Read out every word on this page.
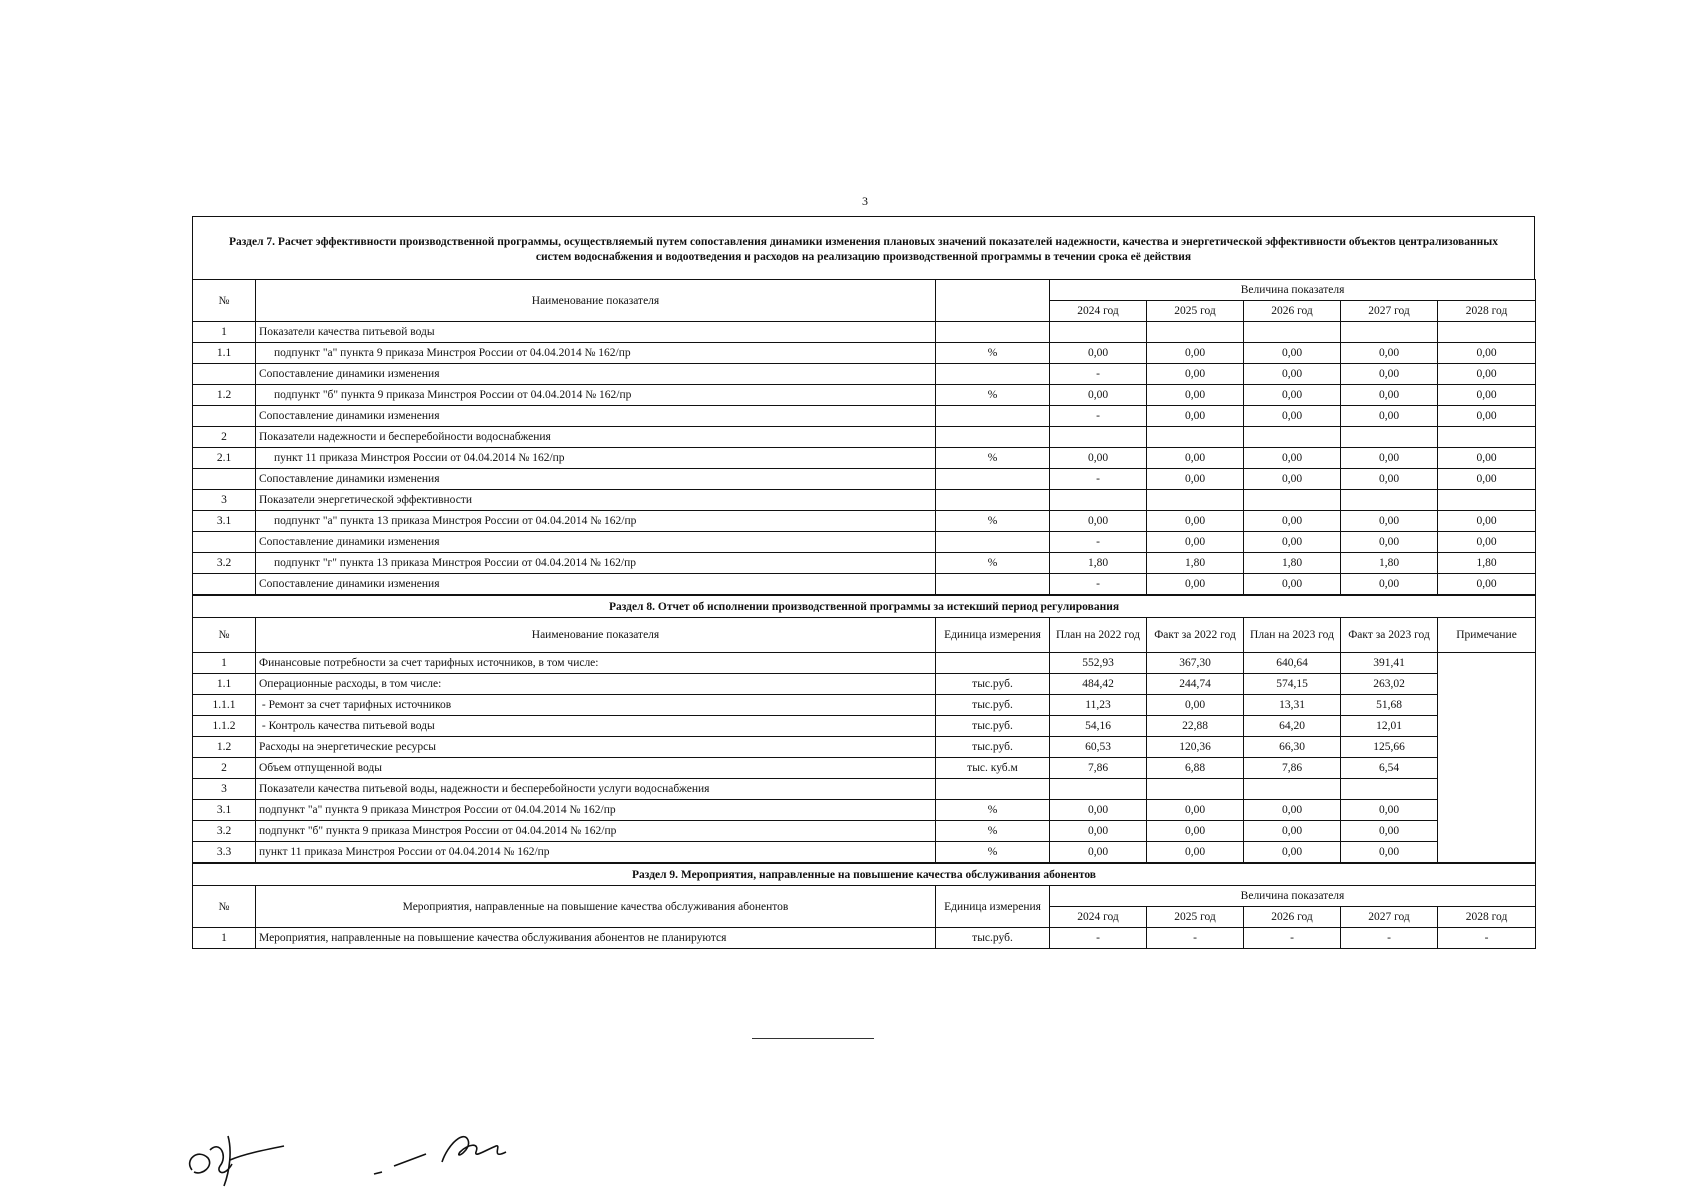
3
Раздел 7. Расчет эффективности производственной программы, осуществляемый путем сопоставления динамики изменения плановых значений показателей надежности, качества и энергетической эффективности объектов централизованных систем водоснабжения и водоотведения и расходов на реализацию производственной программы в течении срока её действия
№	Наименование показателя		Величина показателя				
			2024 год	2025 год	2026 год	2027 год	2028 год
1	Показатели качества питьевой воды						
1.1	подпункт "а" пункта 9 приказа Минстроя России от 04.04.2014 № 162/пр	%	0,00	0,00	0,00	0,00	0,00
	Сопоставление динамики изменения		-	0,00	0,00	0,00	0,00
1.2	подпункт "б" пункта 9 приказа Минстроя России от 04.04.2014 № 162/пр	%	0,00	0,00	0,00	0,00	0,00
	Сопоставление динамики изменения		-	0,00	0,00	0,00	0,00
2	Показатели надежности и бесперебойности водоснабжения						
2.1	пункт 11 приказа Минстроя России от 04.04.2014 № 162/пр	%	0,00	0,00	0,00	0,00	0,00
	Сопоставление динамики изменения		-	0,00	0,00	0,00	0,00
3	Показатели энергетической эффективности						
3.1	подпункт "а" пункта 13 приказа Минстроя России от 04.04.2014 № 162/пр	%	0,00	0,00	0,00	0,00	0,00
	Сопоставление динамики изменения		-	0,00	0,00	0,00	0,00
3.2	подпункт "г" пункта 13 приказа Минстроя России от 04.04.2014 № 162/пр	%	1,80	1,80	1,80	1,80	1,80
	Сопоставление динамики изменения		-	0,00	0,00	0,00	0,00
Раздел 8. Отчет об исполнении производственной программы за истекший период регулирования							
№	Наименование показателя	Единица измерения	План на 2022 год	Факт за 2022 год	План на 2023 год	Факт за 2023 год	Примечание
1	Финансовые потребности за счет тарифных источников, в том числе:		552,93	367,30	640,64	391,41	
1.1	Операционные расходы, в том числе:	тыс.руб.	484,42	244,74	574,15	263,02	
1.1.1	- Ремонт за счет тарифных источников	тыс.руб.	11,23	0,00	13,31	51,68	
1.1.2	- Контроль качества питьевой воды	тыс.руб.	54,16	22,88	64,20	12,01	
1.2	Расходы на энергетические ресурсы	тыс.руб.	60,53	120,36	66,30	125,66	
2	Объем отпущенной воды	тыс. куб.м	7,86	6,88	7,86	6,54	
3	Показатели качества питьевой воды, надежности и бесперебойности услуги водоснабжения						
3.1	подпункт "а" пункта 9 приказа Минстроя России от 04.04.2014 № 162/пр	%	0,00	0,00	0,00	0,00	
3.2	подпункт "б" пункта 9 приказа Минстроя России от 04.04.2014 № 162/пр	%	0,00	0,00	0,00	0,00	
3.3	пункт 11 приказа Минстроя России от 04.04.2014 № 162/пр	%	0,00	0,00	0,00	0,00	
Раздел 9. Мероприятия, направленные на повышение качества обслуживания абонентов							
№	Мероприятия, направленные на повышение качества обслуживания абонентов	Единица измерения	Величина показателя				
			2024 год	2025 год	2026 год	2027 год	2028 год
1	Мероприятия, направленные на повышение качества обслуживания абонентов не планируются	тыс.руб.	-	-	-	-	-
